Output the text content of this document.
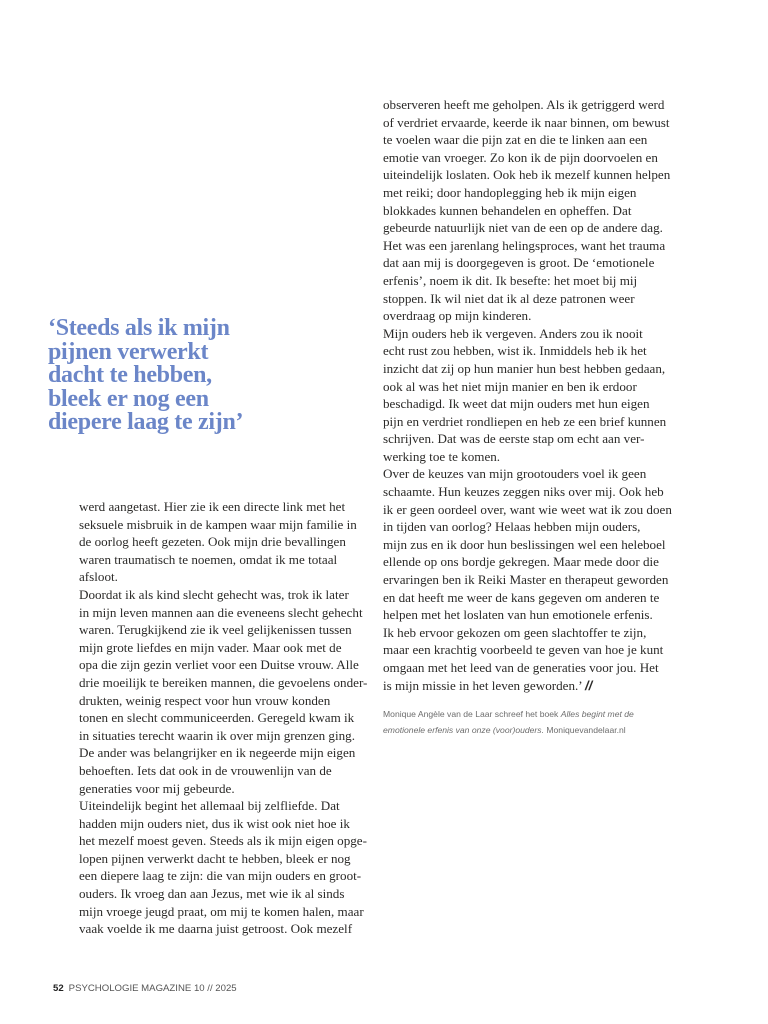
‘Steeds als ik mijn
pijnen verwerkt
dacht te hebben,
bleek er nog een
diepere laag te zijn’

observeren heeft me geholpen. Als ik getriggerd werd

of verdriet ervaarde, keerde ik naar binnen, om bewust

te voelen waar die pijn zat en die te linken aan een

emotie van vroeger. Zo kon ik de pijn doorvoelen en

uiteindelijk loslaten. Ook heb ik mezelf kunnen helpen

met reiki; door handoplegging heb ik mijn eigen

blokkades kunnen behandelen en opheffen. Dat

gebeurde natuurlijk niet van de een op de andere dag.

Het was een jarenlang helingsproces, want het trauma

dat aan mij is doorgegeven is groot. De ‘emotionele

erfenis’, noem ik dit. Ik besefte: het moet bij mij

stoppen. Ik wil niet dat ik al deze patronen weer

overdraag op mijn kinderen.

Mijn ouders heb ik vergeven. Anders zou ik nooit

echt rust zou hebben, wist ik. Inmiddels heb ik het

inzicht dat zij op hun manier hun best hebben gedaan,

ook al was het niet mijn manier en ben ik erdoor

beschadigd. Ik weet dat mijn ouders met hun eigen

pijn en verdriet rondliepen en heb ze een brief kunnen

schrijven. Dat was de eerste stap om echt aan ver-

werking toe te komen.

Over de keuzes van mijn grootouders voel ik geen

schaamte. Hun keuzes zeggen niks over mij. Ook heb

ik er geen oordeel over, want wie weet wat ik zou doen

in tijden van oorlog? Helaas hebben mijn ouders,

mijn zus en ik door hun beslissingen wel een heleboel

ellende op ons bordje gekregen. Maar mede door die

ervaringen ben ik Reiki Master en therapeut geworden

en dat heeft me weer de kans gegeven om anderen te

helpen met het loslaten van hun emotionele erfenis.

Ik heb ervoor gekozen om geen slachtoffer te zijn,

maar een krachtig voorbeeld te geven van hoe je kunt

omgaan met het leed van de generaties voor jou. Het

is mijn missie in het leven geworden.’ //

Monique Angèle van de Laar schreef het boek Alles begint met de
emotionele erfenis van onze (voor)ouders. Moniquevandelaar.nl

werd aangetast. Hier zie ik een directe link met het

seksuele misbruik in de kampen waar mijn familie in

de oorlog heeft gezeten. Ook mijn drie bevallingen

waren traumatisch te noemen, omdat ik me totaal

afsloot.

Doordat ik als kind slecht gehecht was, trok ik later

in mijn leven mannen aan die eveneens slecht gehecht

waren. Terugkijkend zie ik veel gelijkenissen tussen

mijn grote liefdes en mijn vader. Maar ook met de

opa die zijn gezin verliet voor een Duitse vrouw. Alle

drie moeilijk te bereiken mannen, die gevoelens onder-

drukten, weinig respect voor hun vrouw konden

tonen en slecht communiceerden. Geregeld kwam ik

in situaties terecht waarin ik over mijn grenzen ging.

De ander was belangrijker en ik negeerde mijn eigen

behoeften. Iets dat ook in de vrouwenlijn van de

generaties voor mij gebeurde.

Uiteindelijk begint het allemaal bij zelfliefde. Dat

hadden mijn ouders niet, dus ik wist ook niet hoe ik

het mezelf moest geven. Steeds als ik mijn eigen opge-

lopen pijnen verwerkt dacht te hebben, bleek er nog

een diepere laag te zijn: die van mijn ouders en groot-

ouders. Ik vroeg dan aan Jezus, met wie ik al sinds

mijn vroege jeugd praat, om mij te komen halen, maar

vaak voelde ik me daarna juist getroost. Ook mezelf

52 PSYCHOLOGIE MAGAZINE 10 // 2025
